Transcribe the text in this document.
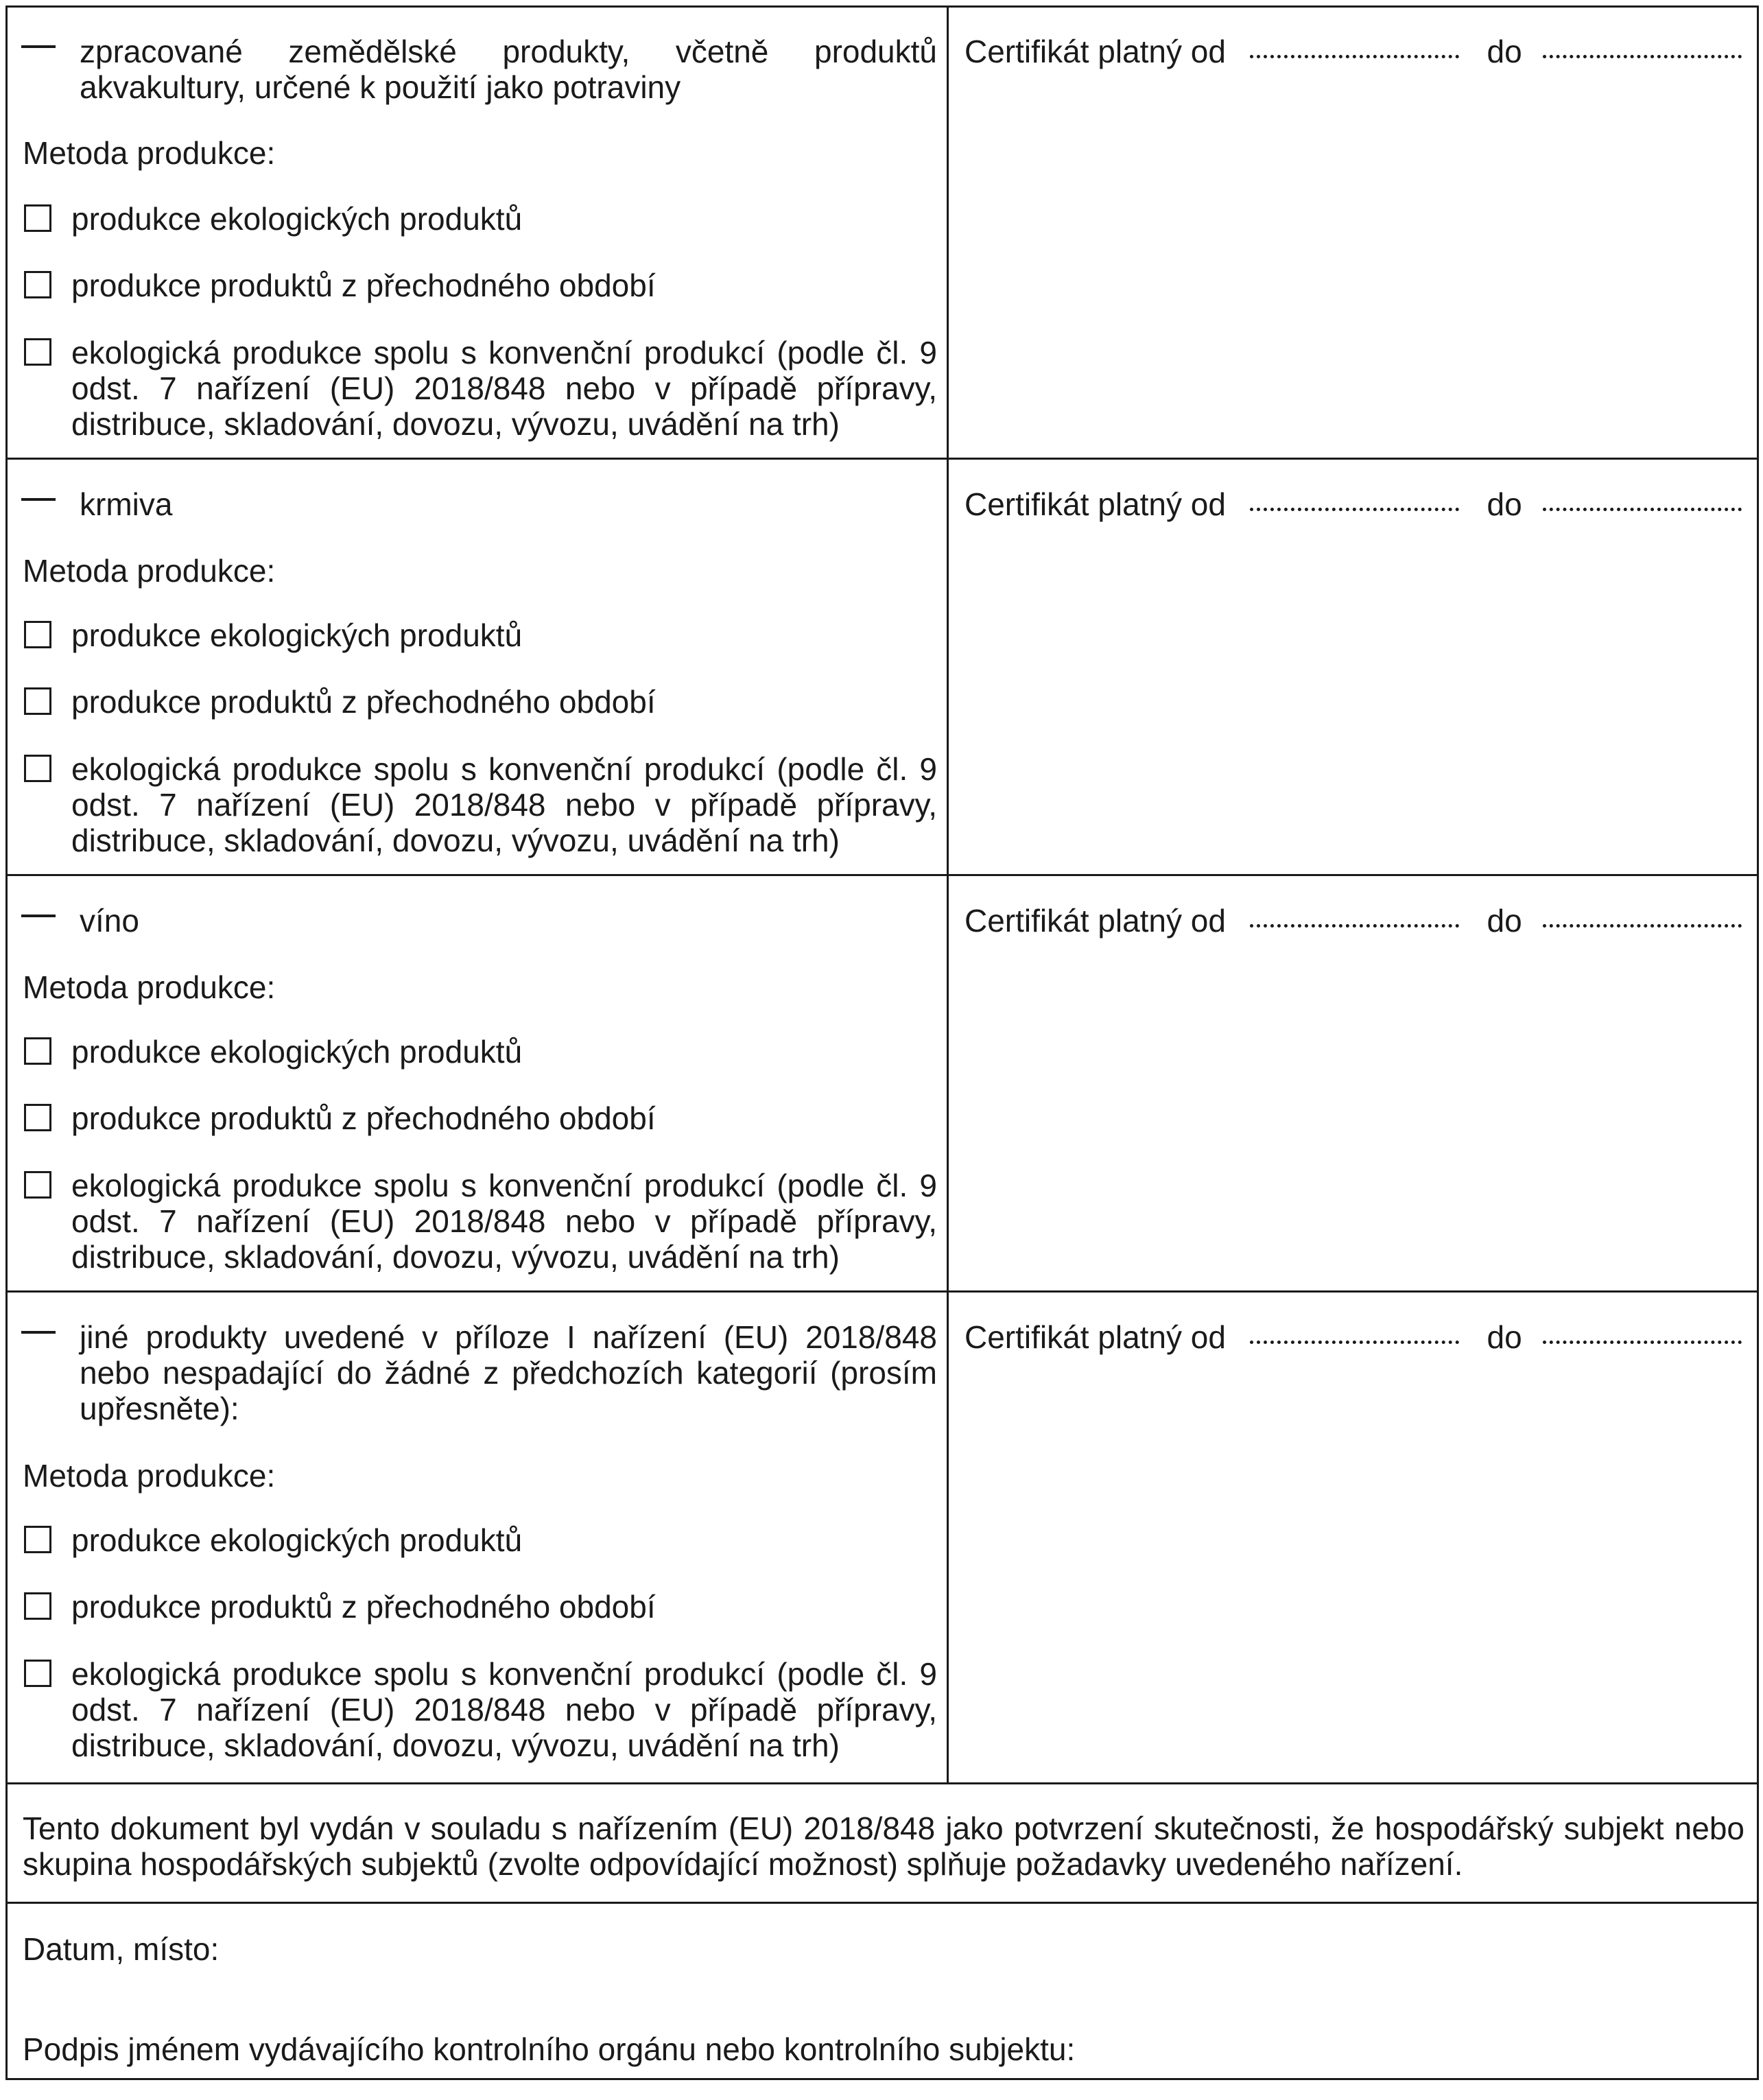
zpracované zemědělské produkty, včetně produktů akvakultury, určené k použití jako potraviny
Metoda produkce:
produkce ekologických produktů
produkce produktů z přechodného období
ekologická produkce spolu s konvenční produkcí (podle čl. 9 odst. 7 nařízení (EU) 2018/848 nebo v případě přípravy, distribuce, skladování, dovozu, vývozu, uvádění na trh)
Certifikát platný od	do
krmiva
Metoda produkce:
produkce ekologických produktů
produkce produktů z přechodného období
ekologická produkce spolu s konvenční produkcí (podle čl. 9 odst. 7 nařízení (EU) 2018/848 nebo v případě přípravy, distribuce, skladování, dovozu, vývozu, uvádění na trh)
Certifikát platný od	do
víno
Metoda produkce:
produkce ekologických produktů
produkce produktů z přechodného období
ekologická produkce spolu s konvenční produkcí (podle čl. 9 odst. 7 nařízení (EU) 2018/848 nebo v případě přípravy, distribuce, skladování, dovozu, vývozu, uvádění na trh)
Certifikát platný od	do
jiné produkty uvedené v příloze I nařízení (EU) 2018/848 nebo nespadající do žádné z předchozích kategorií (prosím upřesněte):
Metoda produkce:
produkce ekologických produktů
produkce produktů z přechodného období
ekologická produkce spolu s konvenční produkcí (podle čl. 9 odst. 7 nařízení (EU) 2018/848 nebo v případě přípravy, distribuce, skladování, dovozu, vývozu, uvádění na trh)
Certifikát platný od	do
Tento dokument byl vydán v souladu s nařízením (EU) 2018/848 jako potvrzení skutečnosti, že hospodářský subjekt nebo skupina hospodářských subjektů (zvolte odpovídající možnost) splňuje požadavky uvedeného nařízení.
Datum, místo:
Podpis jménem vydávajícího kontrolního orgánu nebo kontrolního subjektu:
